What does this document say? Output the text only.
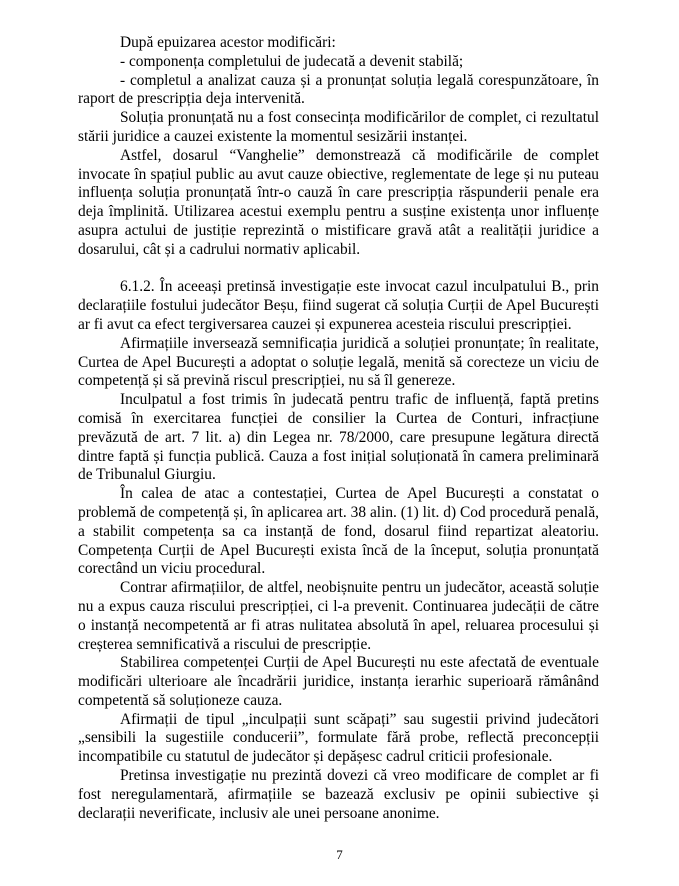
După epuizarea acestor modificări:

- componența completului de judecată a devenit stabilă;

- completul a analizat cauza și a pronunțat soluția legală corespunzătoare, în raport de prescripția deja intervenită.

Soluția pronunțată nu a fost consecința modificărilor de complet, ci rezultatul stării juridice a cauzei existente la momentul sesizării instanței.

Astfel, dosarul “Vanghelie” demonstrează că modificările de complet invocate în spațiul public au avut cauze obiective, reglementate de lege și nu puteau influența soluția pronunțată într-o cauză în care prescripția răspunderii penale era deja împlinită. Utilizarea acestui exemplu pentru a susține existența unor influențe asupra actului de justiție reprezintă o mistificare gravă atât a realității juridice a dosarului, cât și a cadrului normativ aplicabil.

6.1.2. În aceeași pretinsă investigație este invocat cazul inculpatului B., prin declarațiile fostului judecător Beșu, fiind sugerat că soluția Curții de Apel București ar fi avut ca efect tergiversarea cauzei și expunerea acesteia riscului prescripției.

Afirmațiile inversează semnificația juridică a soluției pronunțate; în realitate, Curtea de Apel București a adoptat o soluție legală, menită să corecteze un viciu de competență și să prevină riscul prescripției, nu să îl genereze.

Inculpatul a fost trimis în judecată pentru trafic de influență, faptă pretins comisă în exercitarea funcției de consilier la Curtea de Conturi, infracțiune prevăzută de art. 7 lit. a) din Legea nr. 78/2000, care presupune legătura directă dintre faptă și funcția publică. Cauza a fost inițial soluționată în camera preliminară de Tribunalul Giurgiu.

În calea de atac a contestației, Curtea de Apel București a constatat o problemă de competență și, în aplicarea art. 38 alin. (1) lit. d) Cod procedură penală, a stabilit competența sa ca instanță de fond, dosarul fiind repartizat aleatoriu. Competența Curții de Apel București exista încă de la început, soluția pronunțată corectând un viciu procedural.

Contrar afirmațiilor, de altfel, neobișnuite pentru un judecător, această soluție nu a expus cauza riscului prescripției, ci l-a prevenit. Continuarea judecății de către o instanță necompetentă ar fi atras nulitatea absolută în apel, reluarea procesului și creșterea semnificativă a riscului de prescripție.

Stabilirea competenței Curții de Apel București nu este afectată de eventuale modificări ulterioare ale încadrării juridice, instanța ierarhic superioară rămânând competentă să soluționeze cauza.

Afirmații de tipul „inculpații sunt scăpați” sau sugestii privind judecători „sensibili la sugestiile conducerii”, formulate fără probe, reflectă preconcepții incompatibile cu statutul de judecător și depășesc cadrul criticii profesionale.

Pretinsa investigație nu prezintă dovezi că vreo modificare de complet ar fi fost neregulamentară, afirmațiile se bazează exclusiv pe opinii subiective și declarații neverificate, inclusiv ale unei persoane anonime.

7
